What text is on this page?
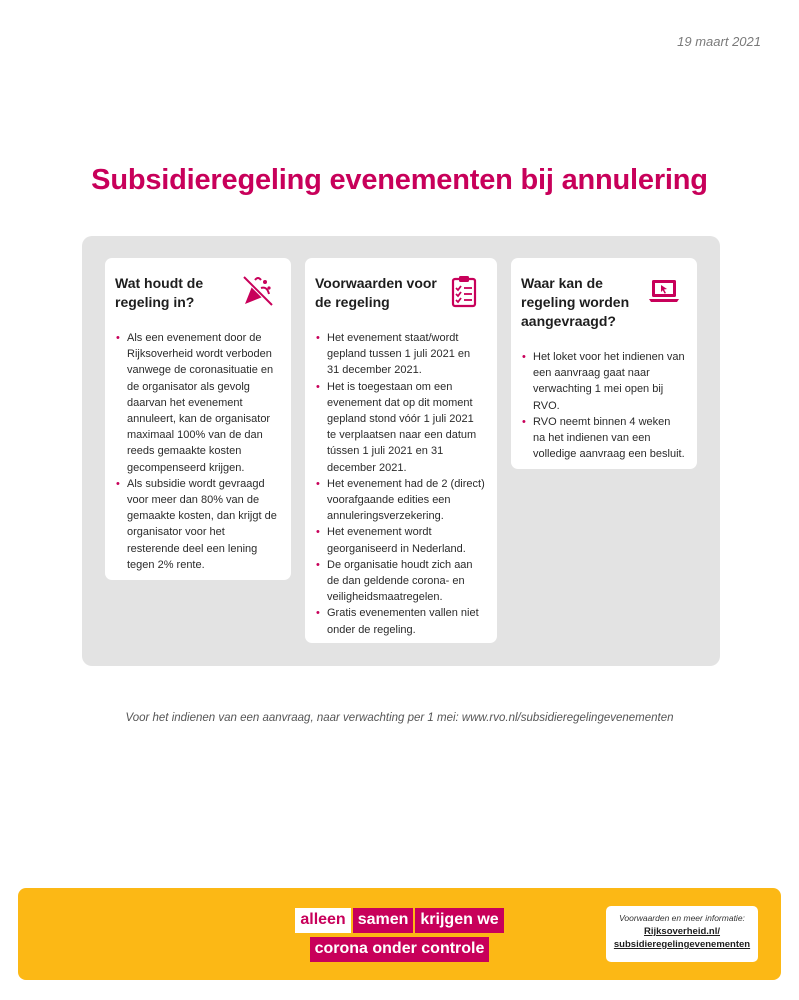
19 maart 2021
Subsidieregeling evenementen bij annulering
Wat houdt de regeling in?
• Als een evenement door de Rijksoverheid wordt verboden vanwege de coronasituatie en de organisator als gevolg daarvan het evenement annuleert, kan de organisator maximaal 100% van de dan reeds gemaakte kosten gecompenseerd krijgen.
• Als subsidie wordt gevraagd voor meer dan 80% van de gemaakte kosten, dan krijgt de organisator voor het resterende deel een lening tegen 2% rente.
Voorwaarden voor de regeling
• Het evenement staat/wordt gepland tussen 1 juli 2021 en 31 december 2021.
• Het is toegestaan om een evenement dat op dit moment gepland stond vóór 1 juli 2021 te verplaatsen naar een datum tússen 1 juli 2021 en 31 december 2021.
• Het evenement had de 2 (direct) voorafgaande edities een annuleringsverzekering.
• Het evenement wordt georganiseerd in Nederland.
• De organisatie houdt zich aan de dan geldende corona- en veiligheidsmaatregelen.
• Gratis evenementen vallen niet onder de regeling.
Waar kan de regeling worden aangevraagd?
• Het loket voor het indienen van een aanvraag gaat naar verwachting 1 mei open bij RVO.
• RVO neemt binnen 4 weken na het indienen van een volledige aanvraag een besluit.
Voor het indienen van een aanvraag, naar verwachting per 1 mei: www.rvo.nl/subsidieregelingevenementen
alleen samen krijgen we
corona onder controle
Voorwaarden en meer informatie:
Rijksoverheid.nl/
subsidieregelingevenementen
